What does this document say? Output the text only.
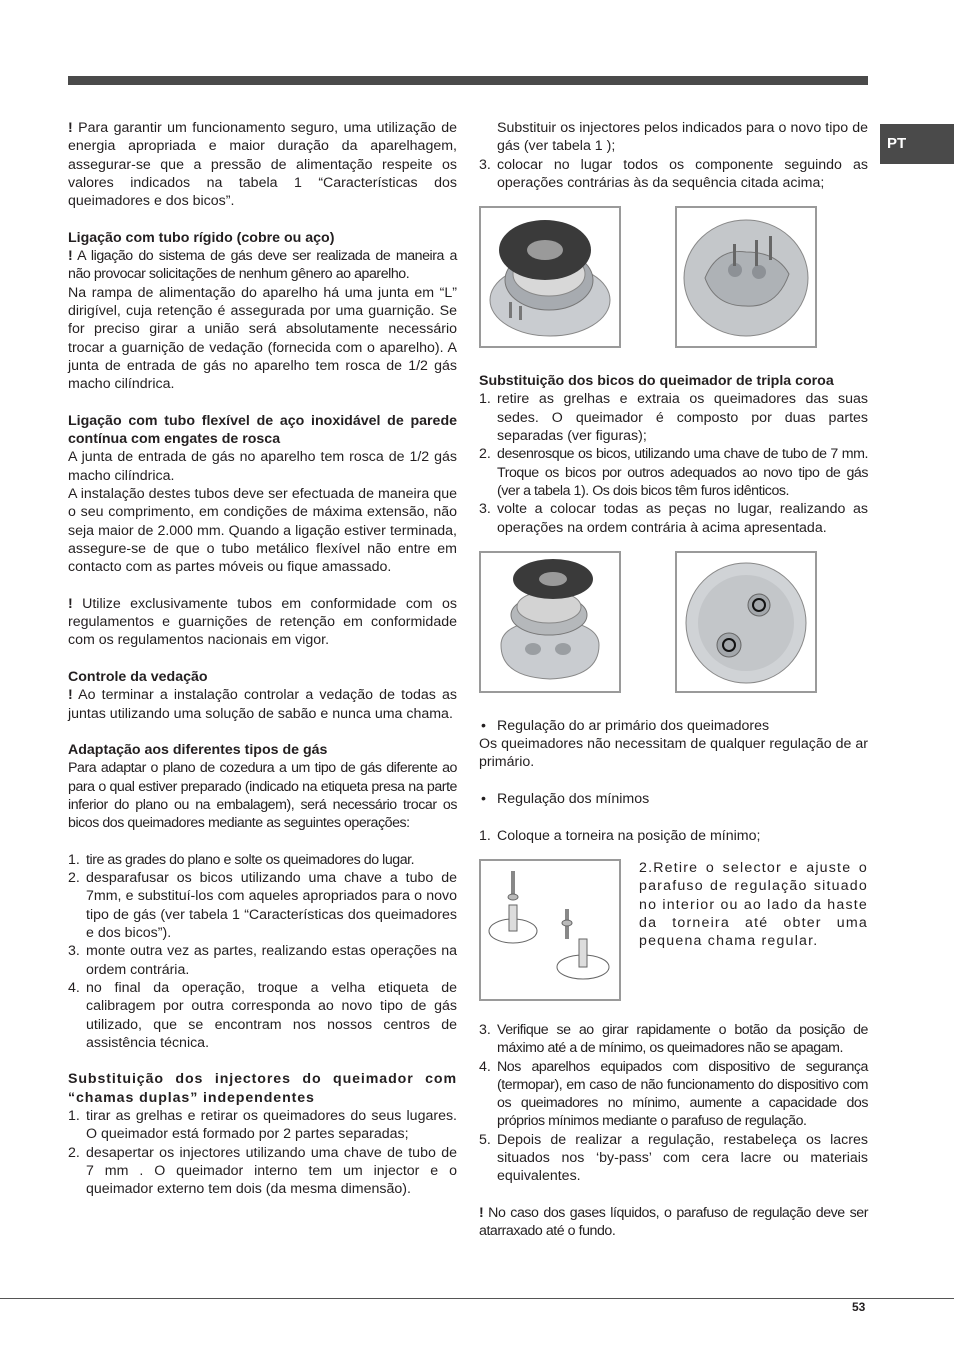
PT

! Para garantir um funcionamento seguro, uma utilização de energia apropriada e maior duração da aparelhagem, assegurar-se que a pressão de alimentação respeite os valores indicados na tabela 1 “Características dos queimadores e dos bicos”.

Ligação com tubo rígido (cobre ou aço)

! A ligação do sistema de gás deve ser realizada de maneira a não provocar solicitações de nenhum gênero ao aparelho.

Na rampa de alimentação do aparelho há uma junta em “L” dirigível, cuja retenção é assegurada por uma guarnição. Se for preciso girar a união será absolutamente necessário trocar a guarnição de vedação (fornecida com o aparelho). A junta de entrada de gás no aparelho tem rosca de 1/2 gás macho cilíndrica.

Ligação com tubo flexível de aço inoxidável de parede contínua com engates de rosca

A junta de entrada de gás no aparelho tem rosca de 1/2 gás macho cilíndrica.

A instalação destes tubos deve ser efectuada de maneira que o seu comprimento, em condições de máxima extensão, não seja maior de 2.000 mm. Quando a ligação estiver terminada, assegure-se de que o tubo metálico flexível não entre em contacto com as partes móveis ou fique amassado.

! Utilize exclusivamente tubos em conformidade com os regulamentos e guarnições de retenção em conformidade com os regulamentos nacionais em vigor.

Controle da vedação

! Ao terminar a instalação controlar a vedação de todas as juntas utilizando uma solução de sabão e nunca uma chama.

Adaptação aos diferentes tipos de gás

Para adaptar o plano de cozedura a um tipo de gás diferente ao para o qual estiver preparado (indicado na etiqueta presa na parte inferior do plano ou na embalagem), será necessário trocar os bicos dos queimadores mediante as seguintes operações:

1. tire as grades do plano e solte os queimadores do lugar.
2. desparafusar os bicos utilizando uma chave a tubo de 7mm, e substituí-los com aqueles apropriados para o novo tipo de gás (ver tabela 1 “Características dos queimadores e dos bicos”).
3. monte outra vez as partes, realizando estas operações na ordem contrária.
4. no final da operação, troque a velha etiqueta de calibragem por outra corresponda ao novo tipo de gás utilizado, que se encontram nos nossos centros de assistência técnica.

Substituição dos injectores do queimador com “chamas duplas” independentes

1. tirar as grelhas e retirar os queimadores do seus lugares. O queimador está formado por 2 partes separadas;
2. desapertar os injectores utilizando uma chave de tubo de 7 mm . O queimador interno tem um injector e o queimador externo tem dois (da mesma dimensão).

Substituir os injectores pelos indicados para o novo tipo de gás (ver tabela 1 );

3. colocar no lugar todos os componente seguindo as operações contrárias às da sequência citada acima;

Substituição dos bicos do queimador de tripla coroa

1. retire as grelhas e extraia os queimadores das suas sedes. O queimador é composto por duas partes separadas (ver figuras);
2. desenrosque os bicos, utilizando uma chave de tubo de 7 mm. Troque os bicos por outros adequados ao novo tipo de gás (ver a tabela 1). Os dois bicos têm furos idênticos.
3. volte a colocar todas as peças no lugar, realizando as operações na ordem contrária à acima apresentada.

• Regulação do ar primário dos queimadores

Os queimadores não necessitam de qualquer regulação de ar primário.

• Regulação dos mínimos

1. Coloque a torneira na posição de mínimo;

2.Retire o selector e ajuste o parafuso de regulação situado no interior ou ao lado da haste da torneira até obter uma pequena chama regular.

3. Verifique se ao girar rapidamente o botão da posição de máximo até a de mínimo, os queimadores não se apagam.
4. Nos aparelhos equipados com dispositivo de segurança (termopar), em caso de não funcionamento do dispositivo com os queimadores no mínimo, aumente a capacidade dos próprios mínimos mediante o parafuso de regulação.
5. Depois de realizar a regulação, restabeleça os lacres situados nos ‘by-pass’ com cera lacre ou materiais equivalentes.

! No caso dos gases líquidos, o parafuso de regulação deve ser atarraxado até o fundo.

53
